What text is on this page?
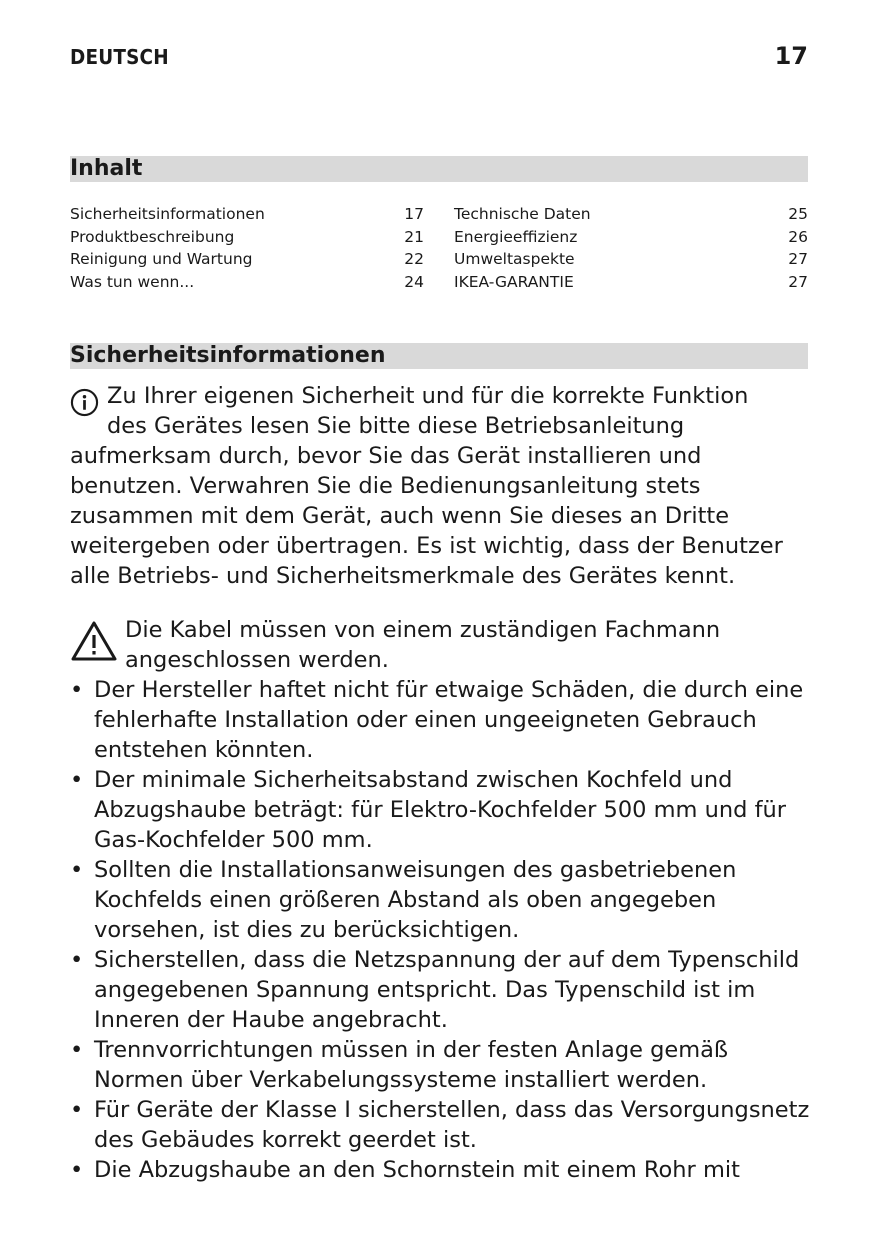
DEUTSCH	17
Inhalt
Sicherheitsinformationen	17
Produktbeschreibung	21
Reinigung und Wartung	22
Was tun wenn...	24
Technische Daten	25
Energieeffizienz	26
Umweltaspekte	27
IKEA-GARANTIE	27
Sicherheitsinformationen
Zu Ihrer eigenen Sicherheit und für die korrekte Funktion
des Gerätes lesen Sie bitte diese Betriebsanleitung
aufmerksam durch, bevor Sie das Gerät installieren und benutzen. Verwahren Sie die Bedienungsanleitung stets zusammen mit dem Gerät, auch wenn Sie dieses an Dritte weitergeben oder übertragen. Es ist wichtig, dass der Benutzer alle Betriebs- und Sicherheitsmerkmale des Gerätes kennt.
Die Kabel müssen von einem zuständigen Fachmann
angeschlossen werden.
• Der Hersteller haftet nicht für etwaige Schäden, die durch eine fehlerhafte Installation oder einen ungeeigneten Gebrauch entstehen könnten.
• Der minimale Sicherheitsabstand zwischen Kochfeld und Abzugshaube beträgt: für Elektro-Kochfelder 500 mm und für Gas-Kochfelder 500 mm.
• Sollten die Installationsanweisungen des gasbetriebenen Kochfelds einen größeren Abstand als oben angegeben vorsehen, ist dies zu berücksichtigen.
• Sicherstellen, dass die Netzspannung der auf dem Typenschild angegebenen Spannung entspricht. Das Typenschild ist im Inneren der Haube angebracht.
• Trennvorrichtungen müssen in der festen Anlage gemäß Normen über Verkabelungssysteme installiert werden.
• Für Geräte der Klasse I sicherstellen, dass das Versorgungsnetz des Gebäudes korrekt geerdet ist.
• Die Abzugshaube an den Schornstein mit einem Rohr mit
